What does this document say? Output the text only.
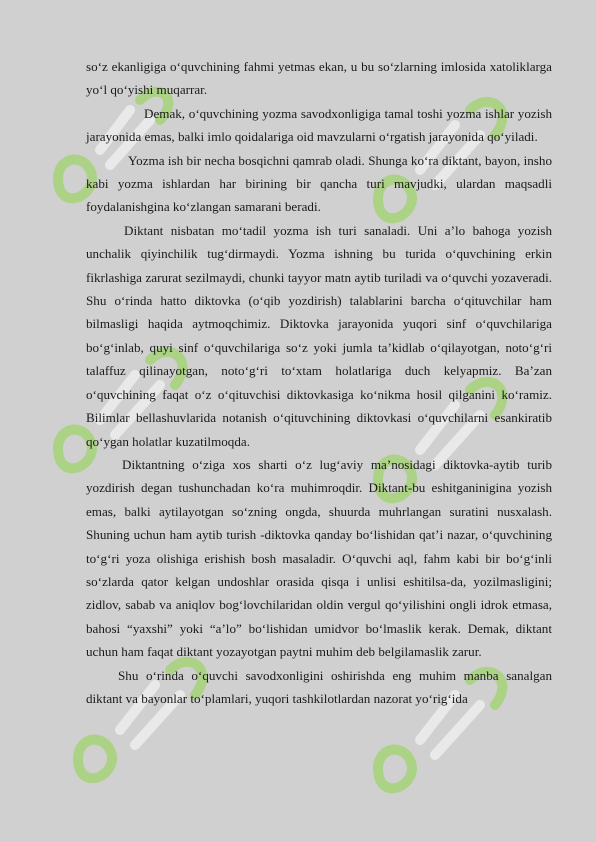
so‘z ekanligiga o‘quvchining fahmi yetmas ekan, u bu so‘zlarning imlosida xatoliklarga yo‘l qo‘yishi muqarrar.

Demak, o‘quvchining yozma savodxonligiga tamal toshi yozma ishlar yozish jarayonida emas, balki imlo qoidalariga oid mavzularni o‘rgatish jarayonida qo‘yiladi.

Yozma ish bir necha bosqichni qamrab oladi. Shunga ko‘ra diktant, bayon, insho kabi yozma ishlardan har birining bir qancha turi mavjudki, ulardan maqsadli foydalanishgina ko‘zlangan samarani beradi.

Diktant nisbatan mo‘tadil yozma ish turi sanaladi. Uni a’lo bahoga yozish unchalik qiyinchilik tug‘dirmaydi. Yozma ishning bu turida o‘quvchining erkin fikrlashiga zarurat sezilmaydi, chunki tayyor matn aytib turiladi va o‘quvchi yozaveradi. Shu o‘rinda hatto diktovka (o‘qib yozdirish) talablarini barcha o‘qituvchilar ham bilmasligi haqida aytmoqchimiz. Diktovka jarayonida yuqori sinf o‘quvchilariga bo‘g‘inlab, quyi sinf o‘quvchilariga so‘z yoki jumla ta’kidlab o‘qilayotgan, noto‘g‘ri talaffuz qilinayotgan, noto‘g‘ri to‘xtam holatlariga duch kelyapmiz. Ba’zan o‘quvchining faqat o‘z o‘qituvchisi diktovkasiga ko‘nikma hosil qilganini ko‘ramiz. Bilimlar bellashuvlarida notanish o‘qituvchining diktovkasi o‘quvchilarni esankiratib qo‘ygan holatlar kuzatilmoqda.

Diktantning o‘ziga xos sharti o‘z lug‘aviy ma’nosidagi diktovka-aytib turib yozdirish degan tushunchadan ko‘ra muhimroqdir. Diktant-bu eshitganinigina yozish emas, balki aytilayotgan so‘zning ongda, shuurda muhrlangan suratini nusxalash. Shuning uchun ham aytib turish -diktovka qanday bo‘lishidan qat’i nazar, o‘quvchining to‘g‘ri yoza olishiga erishish bosh masaladir. O‘quvchi aql, fahm kabi bir bo‘g‘inli so‘zlarda qator kelgan undoshlar orasida qisqa i unlisi eshitilsa-da, yozilmasligini; zidlov, sabab va aniqlov bog‘lovchilaridan oldin vergul qo‘yilishini ongli idrok etmasa, bahosi “yaxshi” yoki “a’lo” bo‘lishidan umidvor bo‘lmaslik kerak. Demak, diktant uchun ham faqat diktant yozayotgan paytni muhim deb belgilamaslik zarur.

Shu o‘rinda o‘quvchi savodxonligini oshirishda eng muhim manba sanalgan diktant va bayonlar to‘plamlari, yuqori tashkilotlardan nazorat yo‘rig‘ida
